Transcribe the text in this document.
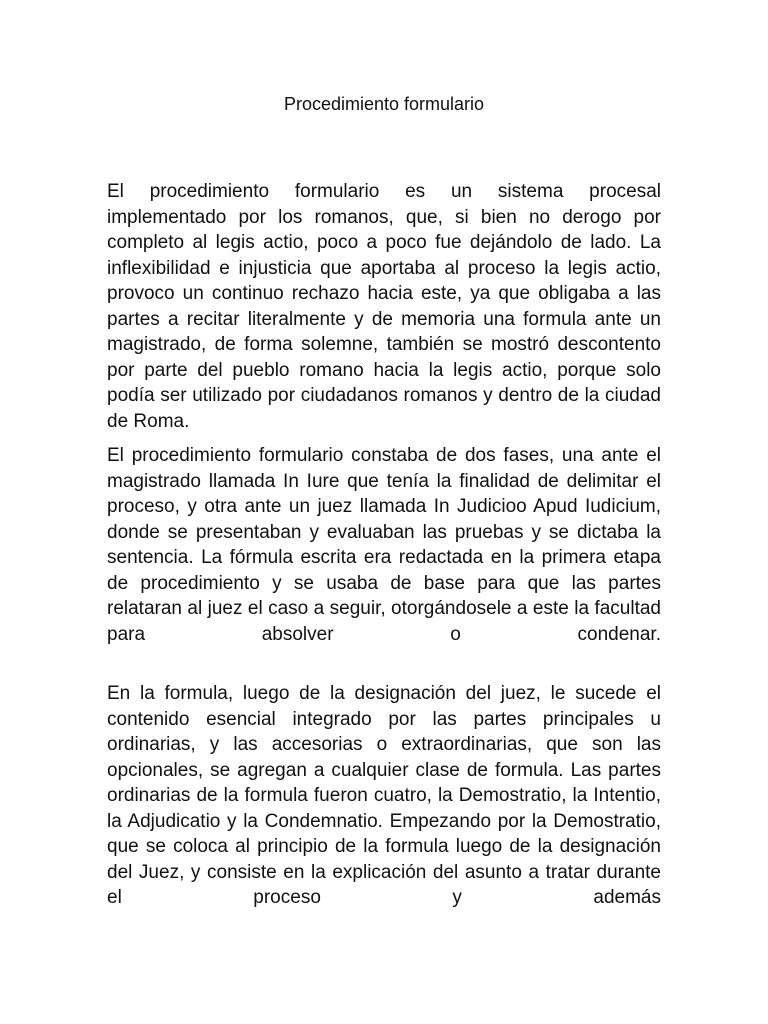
Procedimiento formulario

El procedimiento formulario es un sistema procesal implementado por los romanos, que, si bien no derogo por completo al legis actio, poco a poco fue dejándolo de lado. La inflexibilidad e injusticia que aportaba al proceso la legis actio, provoco un continuo rechazo hacia este, ya que obligaba a las partes a recitar literalmente y de memoria una formula ante un magistrado, de forma solemne, también se mostró descontento por parte del pueblo romano hacia la legis actio, porque solo podía ser utilizado por ciudadanos romanos y dentro de la ciudad de Roma.

El procedimiento formulario constaba de dos fases, una ante el magistrado llamada In Iure que tenía la finalidad de delimitar el proceso, y otra ante un juez llamada In Judicioo Apud Iudicium, donde se presentaban y evaluaban las pruebas y se dictaba la sentencia. La fórmula escrita era redactada en la primera etapa de procedimiento y se usaba de base para que las partes relataran al juez el caso a seguir, otorgándosele a este la facultad para absolver o condenar.

En la formula, luego de la designación del juez, le sucede el contenido esencial integrado por las partes principales u ordinarias, y las accesorias o extraordinarias, que son las opcionales, se agregan a cualquier clase de formula. Las partes ordinarias de la formula fueron cuatro, la Demostratio, la Intentio, la Adjudicatio y la Condemnatio. Empezando por la Demostratio, que se coloca al principio de la formula luego de la designación del Juez, y consiste en la explicación del asunto a tratar durante el proceso y además
